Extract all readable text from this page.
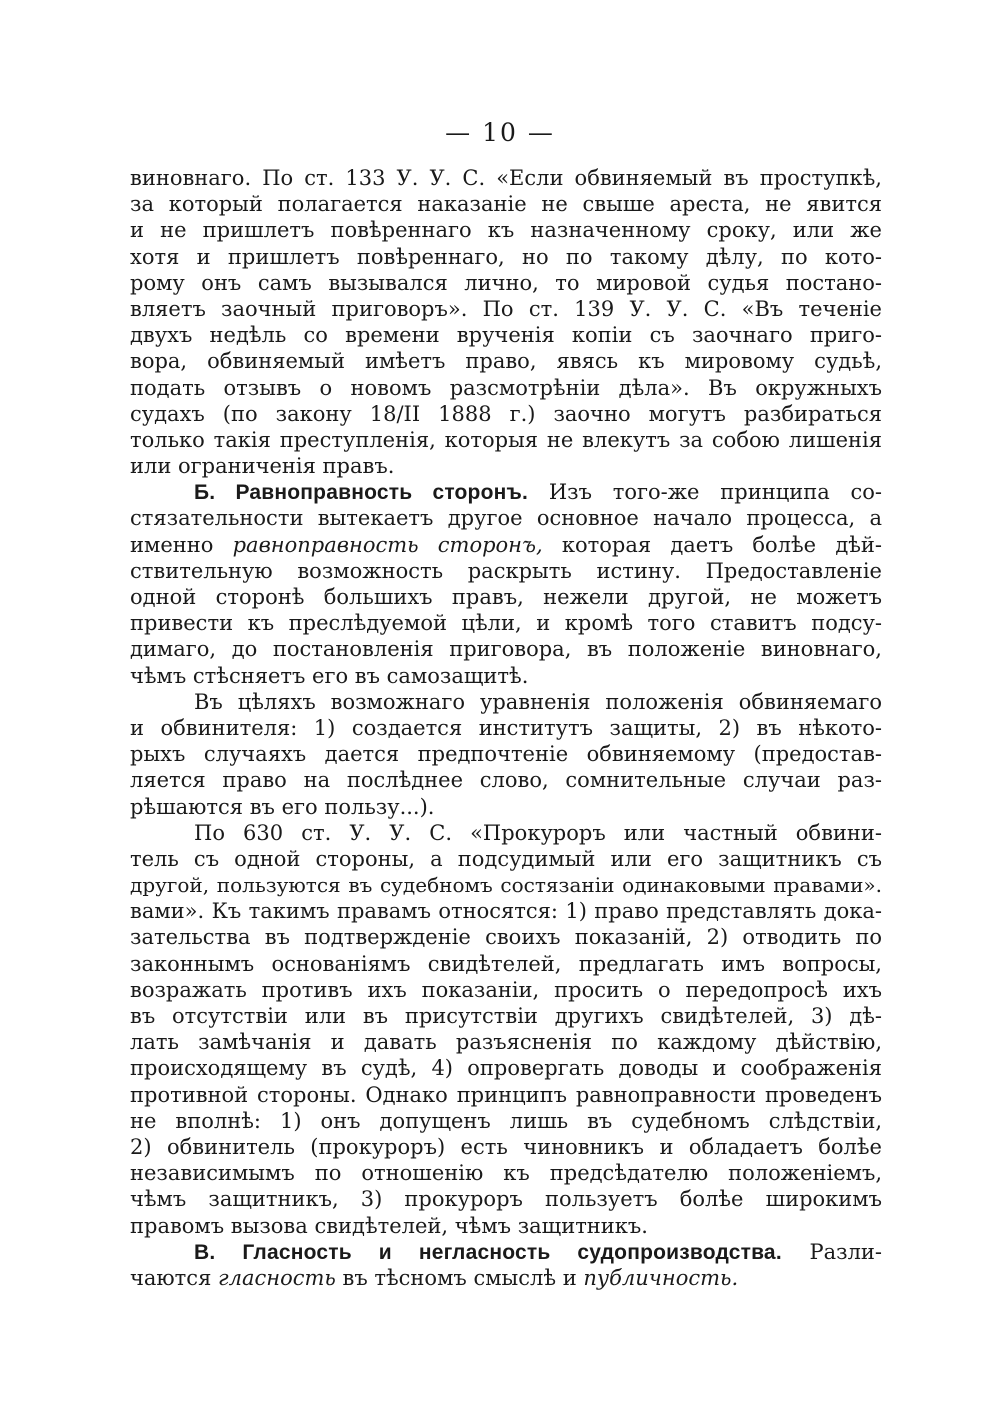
— 10 —
виновнаго. По ст. 133 У. У. С. «Если обвиняемый въ проступкѣ,
за который полагается наказаніе не свыше ареста, не явится
и не пришлетъ повѣреннаго къ назначенному сроку, или же
хотя и пришлетъ повѣреннаго, но по такому дѣлу, по кото-
рому онъ самъ вызывался лично, то мировой судья постано-
вляетъ заочный приговоръ». По ст. 139 У. У. С. «Въ теченіе
двухъ недѣль со времени врученія копіи съ заочнаго приго-
вора, обвиняемый имѣетъ право, явясь къ мировому судьѣ,
подать отзывъ о новомъ разсмотрѣніи дѣла». Въ окружныхъ
судахъ (по закону 18/II 1888 г.) заочно могутъ разбираться
только такія преступленія, которыя не влекутъ за собою лишенія
или ограниченія правъ.
Б. Равноправность сторонъ. Изъ того-же принципа со-
стязательности вытекаетъ другое основное начало процесса, а
именно равноправность сторонъ, которая даетъ болѣе дѣй-
ствительную возможность раскрыть истину. Предоставленіе
одной сторонѣ большихъ правъ, нежели другой, не можетъ
привести къ преслѣдуемой цѣли, и кромѣ того ставитъ подсу-
димаго, до постановленія приговора, въ положеніе виновнаго,
чѣмъ стѣсняетъ его въ самозащитѣ.
Въ цѣляхъ возможнаго уравненія положенія обвиняемаго
и обвинителя: 1) создается институтъ защиты, 2) въ нѣкото-
рыхъ случаяхъ дается предпочтеніе обвиняемому (предостав-
ляется право на послѣднее слово, сомнительные случаи раз-
рѣшаются въ его пользу...).
По 630 ст. У. У. С. «Прокуроръ или частный обвини-
тель съ одной стороны, а подсудимый или его защитникъ съ
другой, пользуются въ судебномъ состязаніи одинаковыми правами».
вами». Къ такимъ правамъ относятся: 1) право представлять дока-
зательства въ подтвержденіе своихъ показаній, 2) отводить по
законнымъ основаніямъ свидѣтелей, предлагать имъ вопросы,
возражать противъ ихъ показаніи, просить о передопросѣ ихъ
въ отсутствіи или въ присутствіи другихъ свидѣтелей, 3) дѣ-
лать замѣчанія и давать разъясненія по каждому дѣйствію,
происходящему въ судѣ, 4) опровергать доводы и соображенія
противной стороны. Однако принципъ равноправности проведенъ
не вполнѣ: 1) онъ допущенъ лишь въ судебномъ слѣдствіи,
2) обвинитель (прокуроръ) есть чиновникъ и обладаетъ болѣе
независимымъ по отношенію къ предсѣдателю положеніемъ,
чѣмъ защитникъ, 3) прокуроръ пользуетъ болѣе широкимъ
правомъ вызова свидѣтелей, чѣмъ защитникъ.
В. Гласность и негласность судопроизводства. Разли-
чаются гласность въ тѣсномъ смыслѣ и публичность.
